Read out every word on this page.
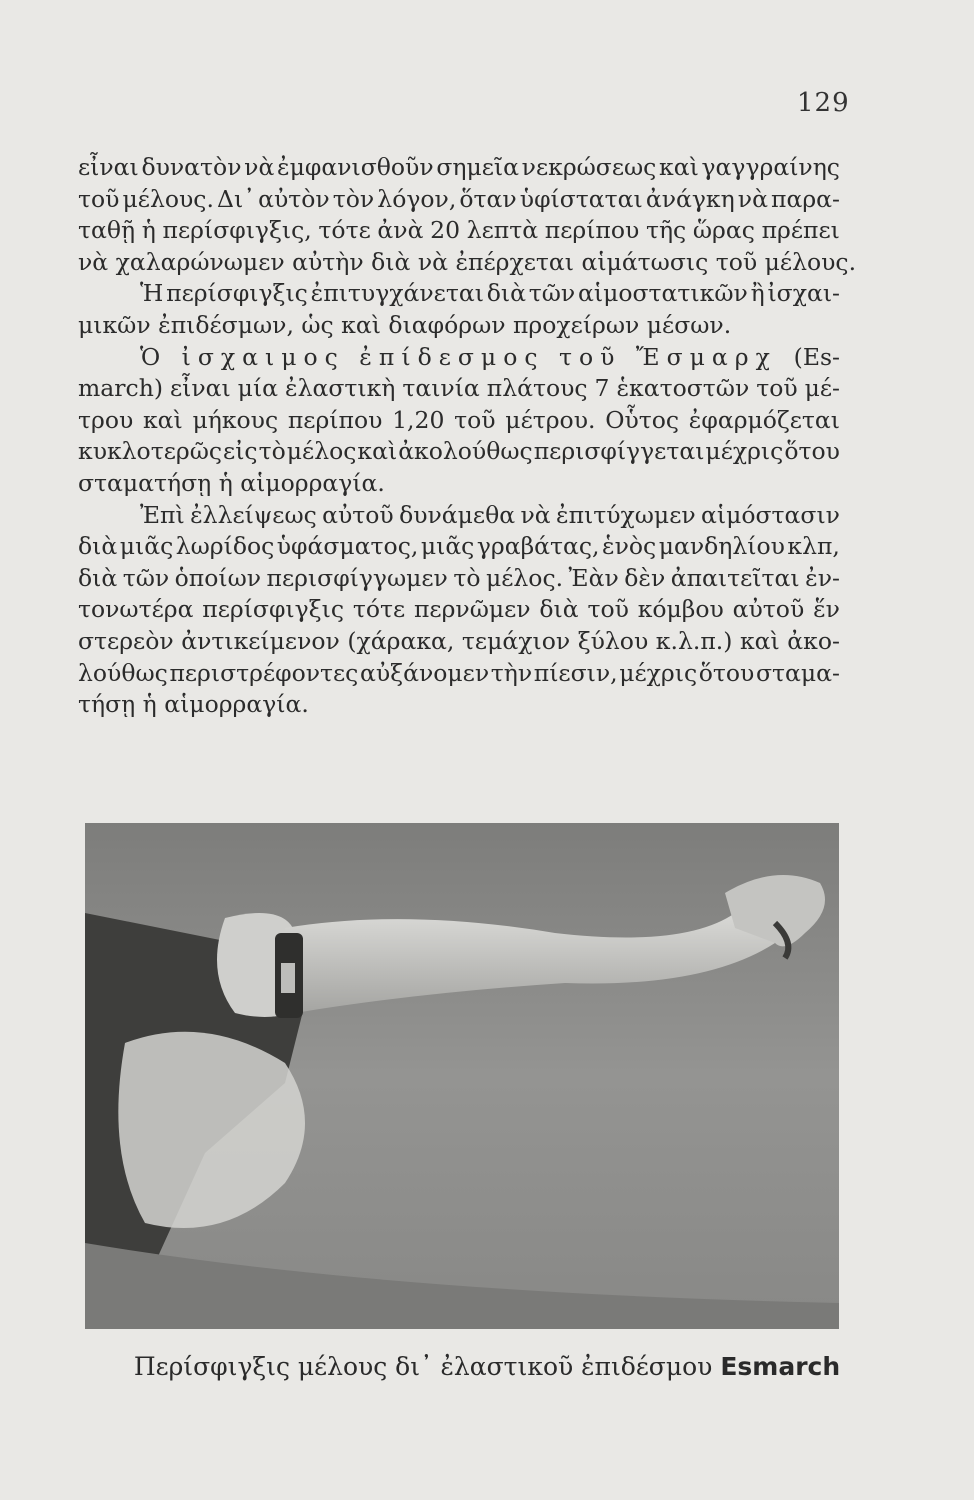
129
εἶναι δυνατὸν νὰ ἐμφανισθοῦν σημεῖα νεκρώσεως καὶ γαγγραίνης
τοῦ μέλους. Δι᾽ αὐτὸν τὸν λόγον, ὅταν ὑφίσταται ἀνάγκη νὰ παρα-
ταθῇ ἡ περίσφιγξις, τότε ἀνὰ 20 λεπτὰ περίπου τῆς ὥρας πρέπει
νὰ χαλαρώνωμεν αὐτὴν διὰ νὰ ἐπέρχεται αἱμάτωσις τοῦ μέλους.
Ἡ περίσφιγξις ἐπιτυγχάνεται διὰ τῶν αἱμοστατικῶν ἢ ἰσχαι-
μικῶν ἐπιδέσμων, ὡς καὶ διαφόρων προχείρων μέσων.
Ὁ ἰσχαιμος ἐπίδεσμος τοῦ Ἔσμαρχ (Es-
march) εἶναι μία ἐλαστικὴ ταινία πλάτους 7 ἑκατοστῶν τοῦ μέ-
τρου καὶ μήκους περίπου 1,20 τοῦ μέτρου. Οὗτος ἐφαρμόζεται
κυκλοτερῶς εἰς τὸ μέλος καὶ ἀκολούθως περισφίγγεται μέχρις ὅτου
σταματήσῃ ἡ αἱμορραγία.
Ἐπὶ ἐλλείψεως αὐτοῦ δυνάμεθα νὰ ἐπιτύχωμεν αἱμόστασιν
διὰ μιᾶς λωρίδος ὑφάσματος, μιᾶς γραβάτας, ἑνὸς μανδηλίου κλπ,
διὰ τῶν ὁποίων περισφίγγωμεν τὸ μέλος. Ἐὰν δὲν ἀπαιτεῖται ἐν-
τονωτέρα περίσφιγξις τότε περνῶμεν διὰ τοῦ κόμβου αὐτοῦ ἕν
στερεὸν ἀντικείμενον (χάρακα, τεμάχιον ξύλου κ.λ.π.) καὶ ἀκο-
λούθως περιστρέφοντες αὐξάνομεν τὴν πίεσιν, μέχρις ὅτου σταμα-
τήσῃ ἡ αἱμορραγία.
Περίσφιγξις μέλους δι᾽ ἐλαστικοῦ ἐπιδέσμου Esmarch
